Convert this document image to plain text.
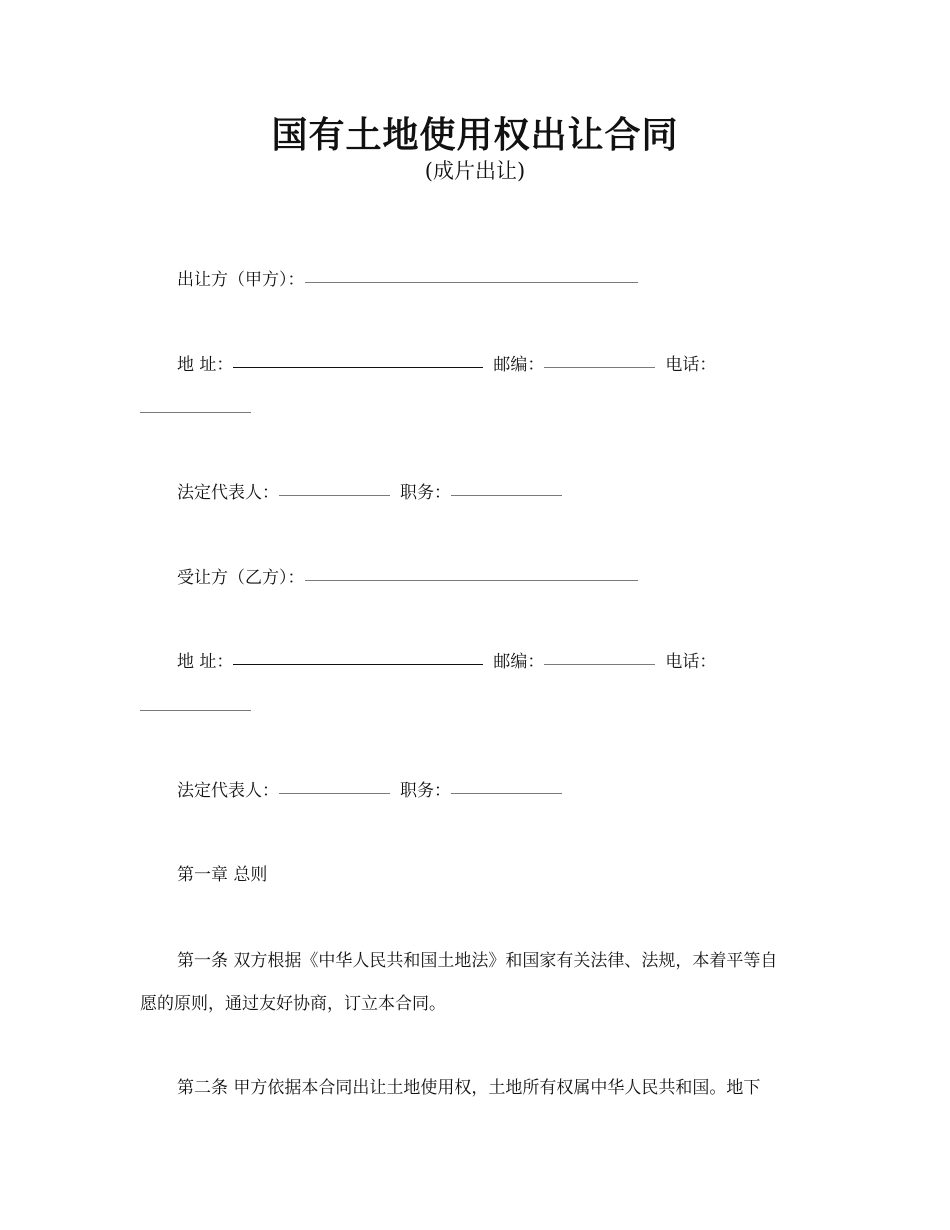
国有土地使用权出让合同
(成片出让)
出让方（甲方）：
地 址：	邮编：	电话：
法定代表人：	职务：
受让方（乙方）：
地 址：	邮编：	电话：
法定代表人：	职务：
第一章 总则
第一条 双方根据《中华人民共和国土地法》和国家有关法律、法规，本着平等自
愿的原则，通过友好协商，订立本合同。
第二条 甲方依据本合同出让土地使用权，土地所有权属中华人民共和国。地下
